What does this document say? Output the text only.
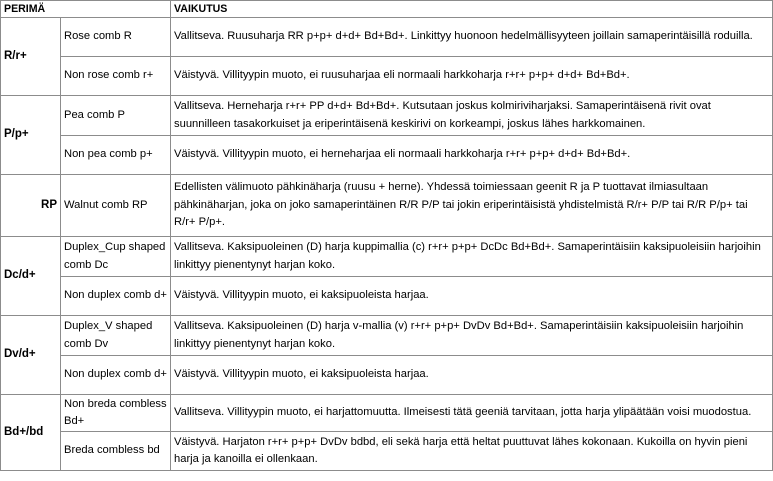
PERIMÄ		VAIKUTUS
R/r+	Rose comb R	Vallitseva. Ruusuharja RR p+p+ d+d+ Bd+Bd+. Linkittyy huonoon hedelmällisyyteen joillain samaperintäisillä roduilla.
	Non rose comb r+	Väistyvä. Villityypin muoto, ei ruusuharjaa eli normaali harkkoharja r+r+ p+p+ d+d+ Bd+Bd+.
P/p+	Pea comb P	Vallitseva. Herneharja r+r+ PP d+d+ Bd+Bd+. Kutsutaan joskus kolmiriviharjaksi. Samaperintäisenä rivit ovat suunnilleen tasakorkuiset ja eriperintäisenä keskirivi on korkeampi, joskus lähes harkkomainen.
	Non pea comb p+	Väistyvä. Villityypin muoto, ei herneharjaa eli normaali harkkoharja r+r+ p+p+ d+d+ Bd+Bd+.
RP	Walnut comb RP	Edellisten välimuoto pähkinäharja (ruusu + herne). Yhdessä toimiessaan geenit R ja P tuottavat ilmiasultaan pähkinäharjan, joka on joko samaperintäinen R/R P/P tai jokin eriperintäisistä yhdistelmistä R/r+ P/P tai R/R P/p+ tai R/r+ P/p+.
Dc/d+	Duplex_Cup shaped comb Dc	Vallitseva. Kaksipuoleinen (D) harja kuppimallia (c) r+r+ p+p+ DcDc Bd+Bd+. Samaperintäisiin kaksipuoleisiin harjoihin linkittyy pienentynyt harjan koko.
	Non duplex comb d+	Väistyvä. Villityypin muoto, ei kaksipuoleista harjaa.
Dv/d+	Duplex_V shaped comb Dv	Vallitseva. Kaksipuoleinen (D) harja v-mallia (v) r+r+ p+p+ DvDv Bd+Bd+. Samaperintäisiin kaksipuoleisiin harjoihin linkittyy pienentynyt harjan koko.
	Non duplex comb d+	Väistyvä. Villityypin muoto, ei kaksipuoleista harjaa.
Bd+/bd	Non breda combless Bd+	Vallitseva. Villityypin muoto, ei harjattomuutta. Ilmeisesti tätä geeniä tarvitaan, jotta harja ylipäätään voisi muodostua.
	Breda combless bd	Väistyvä. Harjaton r+r+ p+p+ DvDv bdbd, eli sekä harja että heltat puuttuvat lähes kokonaan. Kukoilla on hyvin pieni harja ja kanoilla ei ollenkaan.
